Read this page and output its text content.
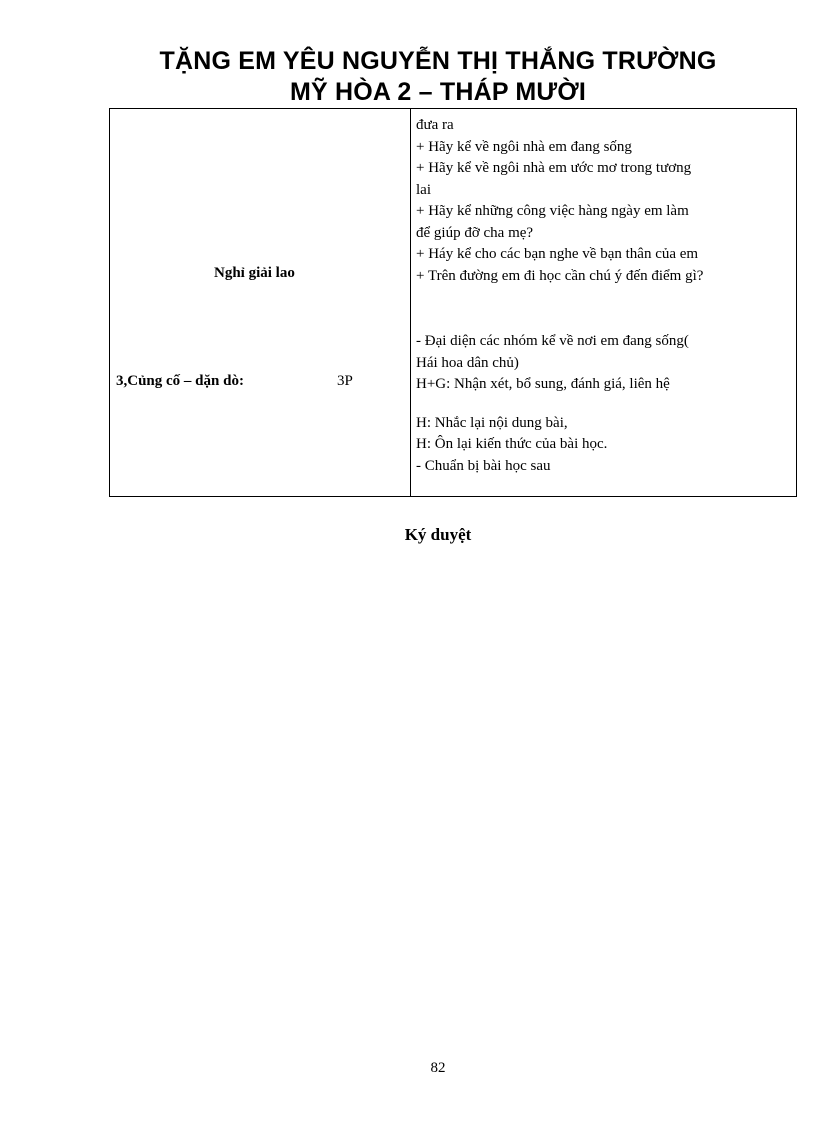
TẶNG EM YÊU NGUYỄN THỊ THẮNG TRƯỜNG
MỸ HÒA 2 – THÁP MƯỜI
Nghỉ giải lao
3,Củng cố – dặn dò:	3P
đưa ra
+ Hãy kể về ngôi nhà em đang sống
+ Hãy kể về ngôi nhà em ước mơ trong tương
lai
+ Hãy kể những công việc hàng ngày em làm
để giúp đỡ cha mẹ?
+ Háy kể cho các bạn nghe về bạn thân của em
+ Trên đường em đi học cần chú ý đến điểm gì?
- Đại diện các nhóm kể về nơi em đang sống(
Hái hoa dân chủ)
H+G: Nhận xét, bổ sung, đánh giá, liên hệ
H: Nhắc lại nội dung bài,
H: Ôn lại kiến thức của bài học.
- Chuẩn bị bài học sau
Ký duyệt
82
